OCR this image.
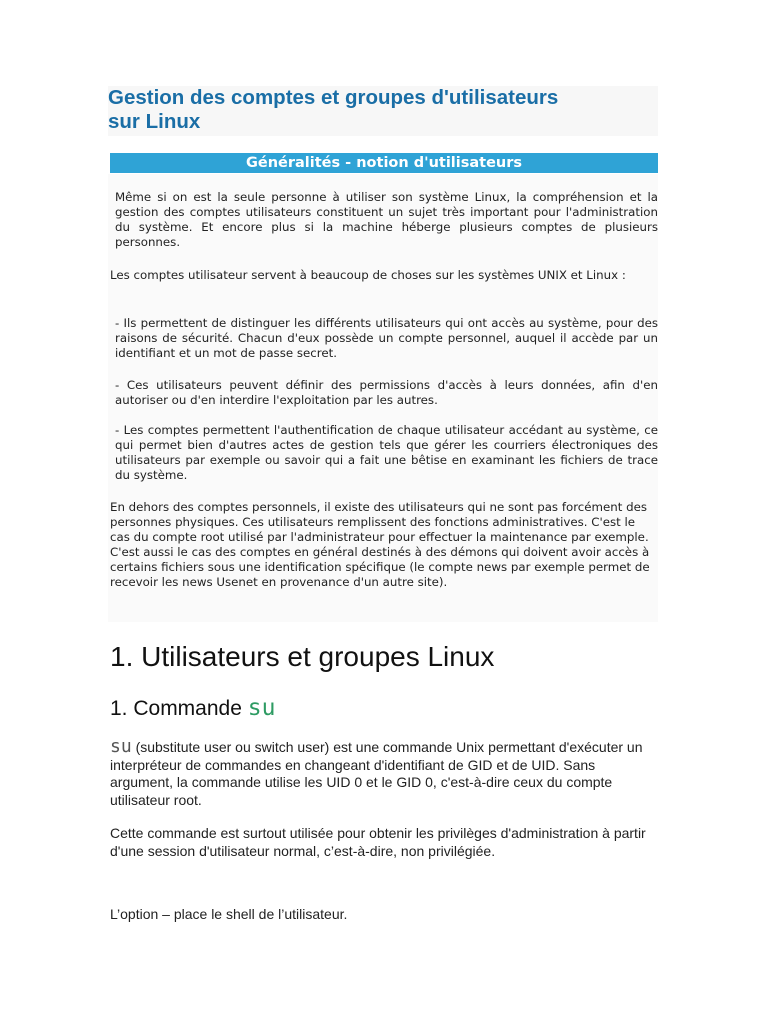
Gestion des comptes et groupes d'utilisateurs
sur Linux
Généralités - notion d'utilisateurs

Même si on est la seule personne à utiliser son système Linux, la compréhension et la gestion des comptes utilisateurs constituent un sujet très important pour l'administration du système. Et encore plus si la machine héberge plusieurs comptes de plusieurs personnes.

Les comptes utilisateur servent à beaucoup de choses sur les systèmes UNIX et Linux :

- Ils permettent de distinguer les différents utilisateurs qui ont accès au système, pour des raisons de sécurité. Chacun d'eux possède un compte personnel, auquel il accède par un identifiant et un mot de passe secret.

- Ces utilisateurs peuvent définir des permissions d'accès à leurs données, afin d'en autoriser ou d'en interdire l'exploitation par les autres.

- Les comptes permettent l'authentification de chaque utilisateur accédant au système, ce qui permet bien d'autres actes de gestion tels que gérer les courriers électroniques des utilisateurs par exemple ou savoir qui a fait une bêtise en examinant les fichiers de trace du système.

En dehors des comptes personnels, il existe des utilisateurs qui ne sont pas forcément des personnes physiques. Ces utilisateurs remplissent des fonctions administratives. C'est le cas du compte root utilisé par l'administrateur pour effectuer la maintenance par exemple. C'est aussi le cas des comptes en général destinés à des démons qui doivent avoir accès à certains fichiers sous une identification spécifique (le compte news par exemple permet de recevoir les news Usenet en provenance d'un autre site).

1. Utilisateurs et groupes Linux
1. Commande su

su (substitute user ou switch user) est une commande Unix permettant d'exécuter un interpréteur de commandes en changeant d'identifiant de GID et de UID. Sans argument, la commande utilise les UID 0 et le GID 0, c'est-à-dire ceux du compte utilisateur root.

Cette commande est surtout utilisée pour obtenir les privilèges d'administration à partir d'une session d'utilisateur normal, c’est-à-dire, non privilégiée.

L’option – place le shell de l’utilisateur.
